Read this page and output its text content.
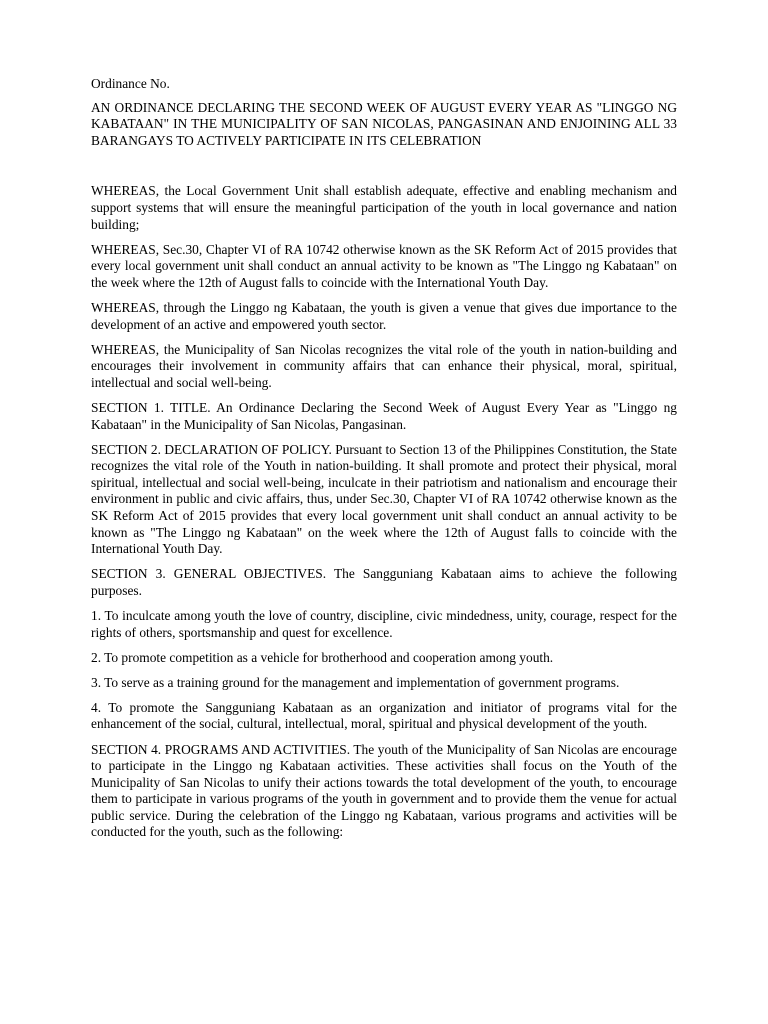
Ordinance No.

AN ORDINANCE DECLARING THE SECOND WEEK OF AUGUST EVERY YEAR AS "LINGGO NG KABATAAN" IN THE MUNICIPALITY OF SAN NICOLAS, PANGASINAN AND ENJOINING ALL 33 BARANGAYS TO ACTIVELY PARTICIPATE IN ITS CELEBRATION

WHEREAS, the Local Government Unit shall establish adequate, effective and enabling mechanism and support systems that will ensure the meaningful participation of the youth in local governance and nation building;

WHEREAS, Sec.30, Chapter VI of RA 10742 otherwise known as the SK Reform Act of 2015 provides that every local government unit shall conduct an annual activity to be known as "The Linggo ng Kabataan" on the week where the 12th of August falls to coincide with the International Youth Day.

WHEREAS, through the Linggo ng Kabataan, the youth is given a venue that gives due importance to the development of an active and empowered youth sector.

WHEREAS, the Municipality of San Nicolas recognizes the vital role of the youth in nation-building and encourages their involvement in community affairs that can enhance their physical, moral, spiritual, intellectual and social well-being.

SECTION 1. TITLE. An Ordinance Declaring the Second Week of August Every Year as "Linggo ng Kabataan" in the Municipality of San Nicolas, Pangasinan.

SECTION 2. DECLARATION OF POLICY. Pursuant to Section 13 of the Philippines Constitution, the State recognizes the vital role of the Youth in nation-building. It shall promote and protect their physical, moral spiritual, intellectual and social well-being, inculcate in their patriotism and nationalism and encourage their environment in public and civic affairs, thus, under Sec.30, Chapter VI of RA 10742 otherwise known as the SK Reform Act of 2015 provides that every local government unit shall conduct an annual activity to be known as "The Linggo ng Kabataan" on the week where the 12th of August falls to coincide with the International Youth Day.

SECTION 3. GENERAL OBJECTIVES. The Sangguniang Kabataan aims to achieve the following purposes.

1. To inculcate among youth the love of country, discipline, civic mindedness, unity, courage, respect for the rights of others, sportsmanship and quest for excellence.

2. To promote competition as a vehicle for brotherhood and cooperation among youth.

3. To serve as a training ground for the management and implementation of government programs.

4. To promote the Sangguniang Kabataan as an organization and initiator of programs vital for the enhancement of the social, cultural, intellectual, moral, spiritual and physical development of the youth.

SECTION 4. PROGRAMS AND ACTIVITIES. The youth of the Municipality of San Nicolas are encourage to participate in the Linggo ng Kabataan activities. These activities shall focus on the Youth of the Municipality of San Nicolas to unify their actions towards the total development of the youth, to encourage them to participate in various programs of the youth in government and to provide them the venue for actual public service. During the celebration of the Linggo ng Kabataan, various programs and activities will be conducted for the youth, such as the following:
